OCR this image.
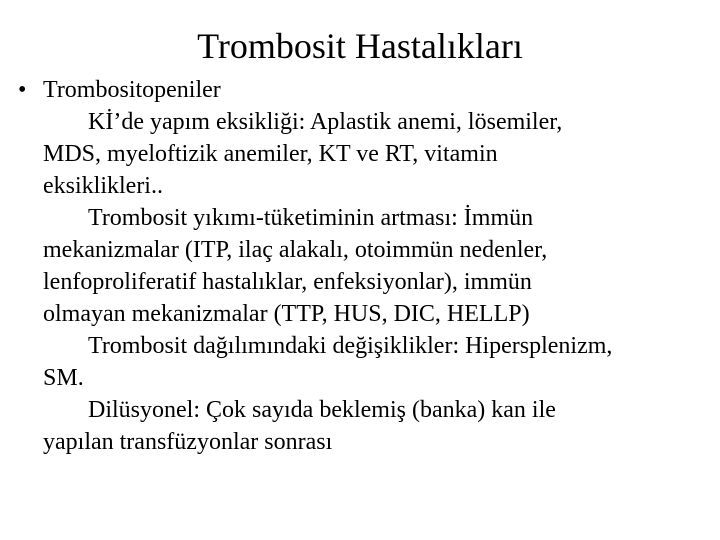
Trombosit Hastalıkları
• Trombositopeniler
Kİ’de yapım eksikliği: Aplastik anemi, lösemiler,
MDS, myeloftizik anemiler, KT ve RT, vitamin
eksiklikleri..
Trombosit yıkımı-tüketiminin artması: İmmün
mekanizmalar (ITP, ilaç alakalı, otoimmün nedenler,
lenfoproliferatif hastalıklar, enfeksiyonlar), immün
olmayan mekanizmalar (TTP, HUS, DIC, HELLP)
Trombosit dağılımındaki değişiklikler: Hipersplenizm,
SM.
Dilüsyonel: Çok sayıda beklemiş (banka) kan ile
yapılan transfüzyonlar sonrası
